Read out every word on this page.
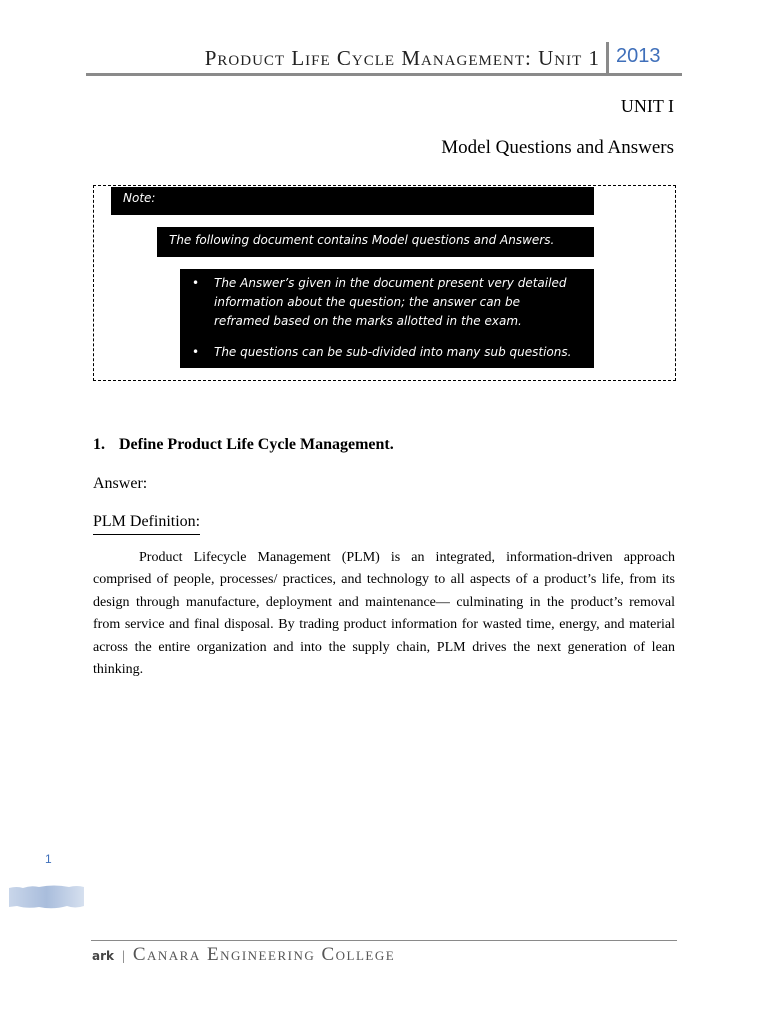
Product Life Cycle Management: Unit 1 2013
UNIT I
Model Questions and Answers
Note:
The following document contains Model questions and Answers.
• The Answer’s given in the document present very detailed information about the question; the answer can be reframed based on the marks allotted in the exam.
• The questions can be sub-divided into many sub questions.
1. Define Product Life Cycle Management.
Answer:
PLM Definition:

Product Lifecycle Management (PLM) is an integrated, information-driven approach comprised of people, processes/ practices, and technology to all aspects of a product’s life, from its design through manufacture, deployment and maintenance— culminating in the product’s removal from service and final disposal. By trading product information for wasted time, energy, and material across the entire organization and into the supply chain, PLM drives the next generation of lean thinking.

1
ark | Canara Engineering College
